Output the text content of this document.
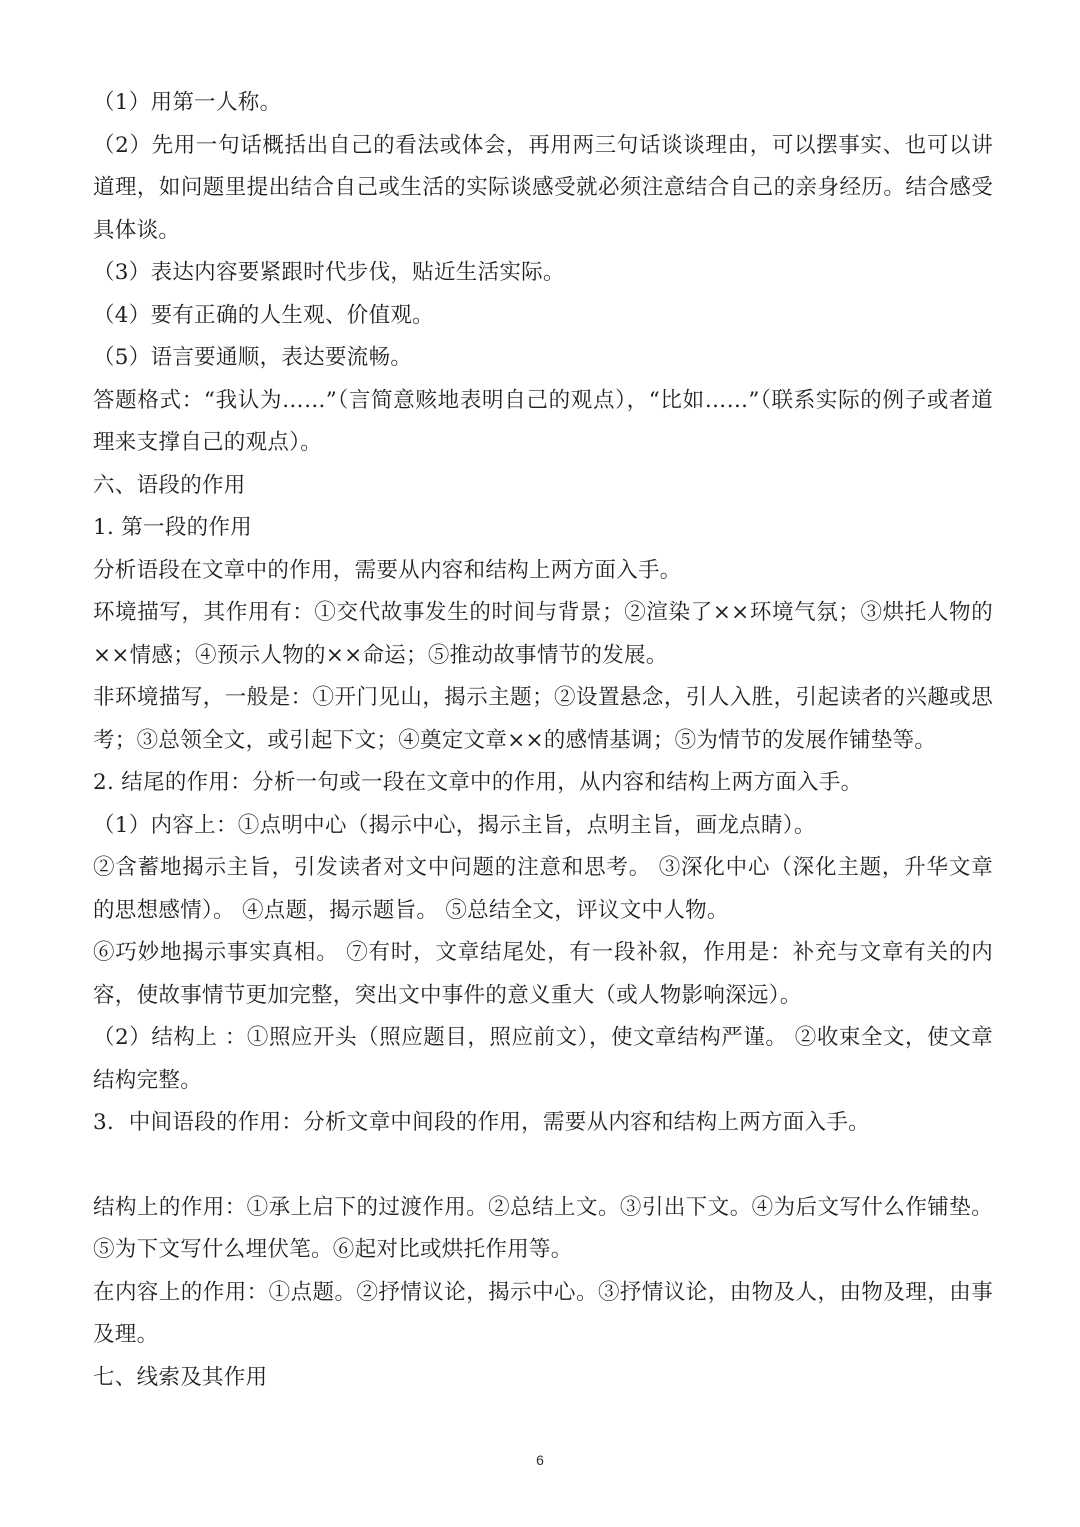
（1）用第一人称。

（2）先用一句话概括出自己的看法或体会，再用两三句话谈谈理由，可以摆事实、也可以讲道理，如问题里提出结合自己或生活的实际谈感受就必须注意结合自己的亲身经历。结合感受具体谈。

（3）表达内容要紧跟时代步伐，贴近生活实际。

（4）要有正确的人生观、价值观。

（5）语言要通顺，表达要流畅。

答题格式：“我认为……”（言简意赅地表明自己的观点），“比如……”（联系实际的例子或者道理来支撑自己的观点）。

六、语段的作用

1. 第一段的作用

分析语段在文章中的作用，需要从内容和结构上两方面入手。

环境描写，其作用有：①交代故事发生的时间与背景；②渲染了××环境气氛；③烘托人物的××情感；④预示人物的××命运；⑤推动故事情节的发展。

非环境描写，一般是：①开门见山，揭示主题；②设置悬念，引人入胜，引起读者的兴趣或思考；③总领全文，或引起下文；④奠定文章××的感情基调；⑤为情节的发展作铺垫等。

2. 结尾的作用：分析一句或一段在文章中的作用，从内容和结构上两方面入手。

（1）内容上：①点明中心（揭示中心，揭示主旨，点明主旨，画龙点睛）。

②含蓄地揭示主旨，引发读者对文中问题的注意和思考。 ③深化中心（深化主题，升华文章的思想感情）。 ④点题，揭示题旨。 ⑤总结全文，评议文中人物。

⑥巧妙地揭示事实真相。 ⑦有时，文章结尾处，有一段补叙，作用是：补充与文章有关的内容，使故事情节更加完整，突出文中事件的意义重大（或人物影响深远）。

（2）结构上 ：①照应开头（照应题目，照应前文），使文章结构严谨。 ②收束全文，使文章结构完整。

3．中间语段的作用：分析文章中间段的作用，需要从内容和结构上两方面入手。

结构上的作用：①承上启下的过渡作用。②总结上文。③引出下文。④为后文写什么作铺垫。⑤为下文写什么埋伏笔。⑥起对比或烘托作用等。

在内容上的作用：①点题。②抒情议论，揭示中心。③抒情议论，由物及人，由物及理，由事及理。

七、线索及其作用

6
